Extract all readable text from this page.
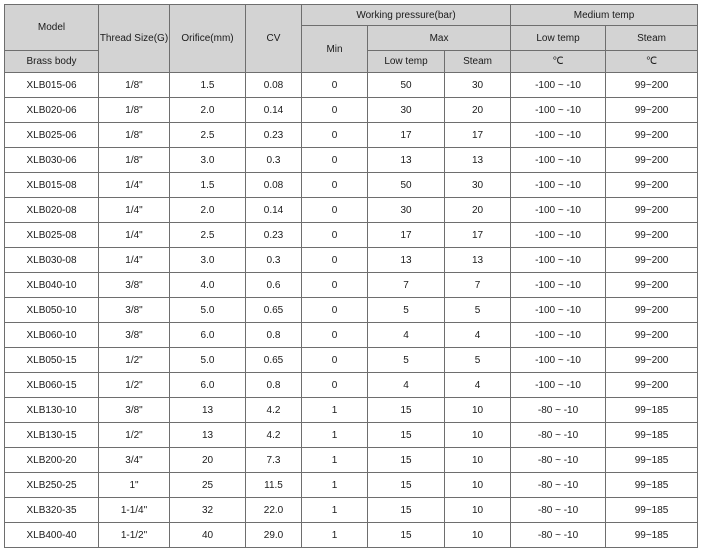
Model	Thread Size(G)	Orifice(mm)	CV	Working pressure(bar)			Medium temp	
				Min	Max		Low temp	Steam
Brass body					Low temp	Steam	℃	℃
XLB015-06	1/8"	1.5	0.08	0	50	30	-100 ~ -10	99~200
XLB020-06	1/8"	2.0	0.14	0	30	20	-100 ~ -10	99~200
XLB025-06	1/8"	2.5	0.23	0	17	17	-100 ~ -10	99~200
XLB030-06	1/8"	3.0	0.3	0	13	13	-100 ~ -10	99~200
XLB015-08	1/4"	1.5	0.08	0	50	30	-100 ~ -10	99~200
XLB020-08	1/4"	2.0	0.14	0	30	20	-100 ~ -10	99~200
XLB025-08	1/4"	2.5	0.23	0	17	17	-100 ~ -10	99~200
XLB030-08	1/4"	3.0	0.3	0	13	13	-100 ~ -10	99~200
XLB040-10	3/8"	4.0	0.6	0	7	7	-100 ~ -10	99~200
XLB050-10	3/8"	5.0	0.65	0	5	5	-100 ~ -10	99~200
XLB060-10	3/8"	6.0	0.8	0	4	4	-100 ~ -10	99~200
XLB050-15	1/2"	5.0	0.65	0	5	5	-100 ~ -10	99~200
XLB060-15	1/2"	6.0	0.8	0	4	4	-100 ~ -10	99~200
XLB130-10	3/8"	13	4.2	1	15	10	-80 ~ -10	99~185
XLB130-15	1/2"	13	4.2	1	15	10	-80 ~ -10	99~185
XLB200-20	3/4"	20	7.3	1	15	10	-80 ~ -10	99~185
XLB250-25	1"	25	11.5	1	15	10	-80 ~ -10	99~185
XLB320-35	1-1/4"	32	22.0	1	15	10	-80 ~ -10	99~185
XLB400-40	1-1/2"	40	29.0	1	15	10	-80 ~ -10	99~185
